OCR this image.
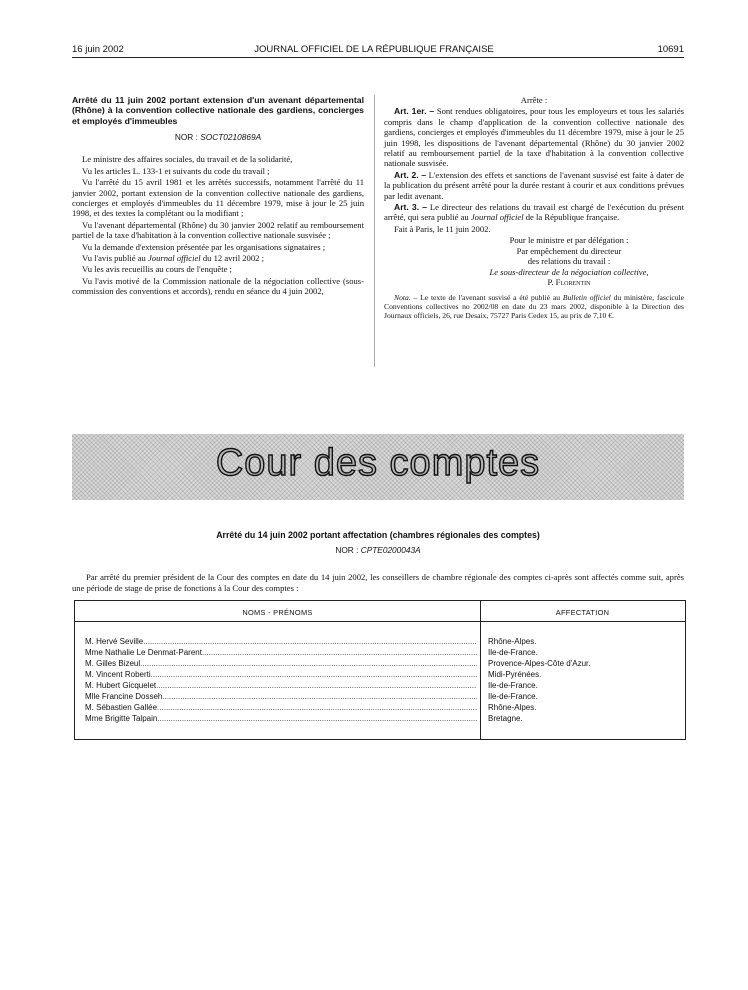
16 juin 2002	JOURNAL OFFICIEL DE LA RÉPUBLIQUE FRANÇAISE	10691

Arrêté du 11 juin 2002 portant extension d'un avenant départemental (Rhône) à la convention collective nationale des gardiens, concierges et employés d'immeubles

NOR : SOCT0210869A

Le ministre des affaires sociales, du travail et de la solidarité,

Vu les articles L. 133-1 et suivants du code du travail ;

Vu l'arrêté du 15 avril 1981 et les arrêtés successifs, notamment l'arrêté du 11 janvier 2002, portant extension de la convention collective nationale des gardiens, concierges et employés d'immeubles du 11 décembre 1979, mise à jour le 25 juin 1998, et des textes la complétant ou la modifiant ;

Vu l'avenant départemental (Rhône) du 30 janvier 2002 relatif au remboursement partiel de la taxe d'habitation à la convention collective nationale susvisée ;

Vu la demande d'extension présentée par les organisations signataires ;

Vu l'avis publié au Journal officiel du 12 avril 2002 ;

Vu les avis recueillis au cours de l'enquête ;

Vu l'avis motivé de la Commission nationale de la négociation collective (sous-commission des conventions et accords), rendu en séance du 4 juin 2002,

Arrête :

Art. 1er. – Sont rendues obligatoires, pour tous les employeurs et tous les salariés compris dans le champ d'application de la convention collective nationale des gardiens, concierges et employés d'immeubles du 11 décembre 1979, mise à jour le 25 juin 1998, les dispositions de l'avenant départemental (Rhône) du 30 janvier 2002 relatif au remboursement partiel de la taxe d'habitation à la convention collective nationale susvisée.

Art. 2. – L'extension des effets et sanctions de l'avenant susvisé est faite à dater de la publication du présent arrêté pour la durée restant à courir et aux conditions prévues par ledit avenant.

Art. 3. – Le directeur des relations du travail est chargé de l'exécution du présent arrêté, qui sera publié au Journal officiel de la République française.

Fait à Paris, le 11 juin 2002.

Pour le ministre et par délégation :

Par empêchement du directeur

des relations du travail :

Le sous-directeur de la négociation collective,

P. Florentin

Nota. – Le texte de l'avenant susvisé a été publié au Bulletin officiel du ministère, fascicule Conventions collectives no 2002/08 en date du 23 mars 2002, disponible à la Direction des Journaux officiels, 26, rue Desaix, 75727 Paris Cedex 15, au prix de 7,10 €.

Cour des comptes
Arrêté du 14 juin 2002 portant affectation (chambres régionales des comptes)
NOR : CPTE0200043A
Par arrêté du premier président de la Cour des comptes en date du 14 juin 2002, les conseillers de chambre régionale des comptes ci-après sont affectés comme suit, après une période de stage de prise de fonctions à la Cour des comptes :
NOMS - PRÉNOMS	AFFECTATION
M. Hervé Seville .....	Rhône-Alpes.
Mme Nathalie Le Denmat-Parent .....	Ile-de-France.
M. Gilles Bizeul .....	Provence-Alpes-Côte d'Azur.
M. Vincent Roberti .....	Midi-Pyrénées.
M. Hubert Gicquelet .....	Ile-de-France.
Mlle Francine Dosseh .....	Ile-de-France.
M. Sébastien Gallée .....	Rhône-Alpes.
Mme Brigitte Talpain .....	Bretagne.
